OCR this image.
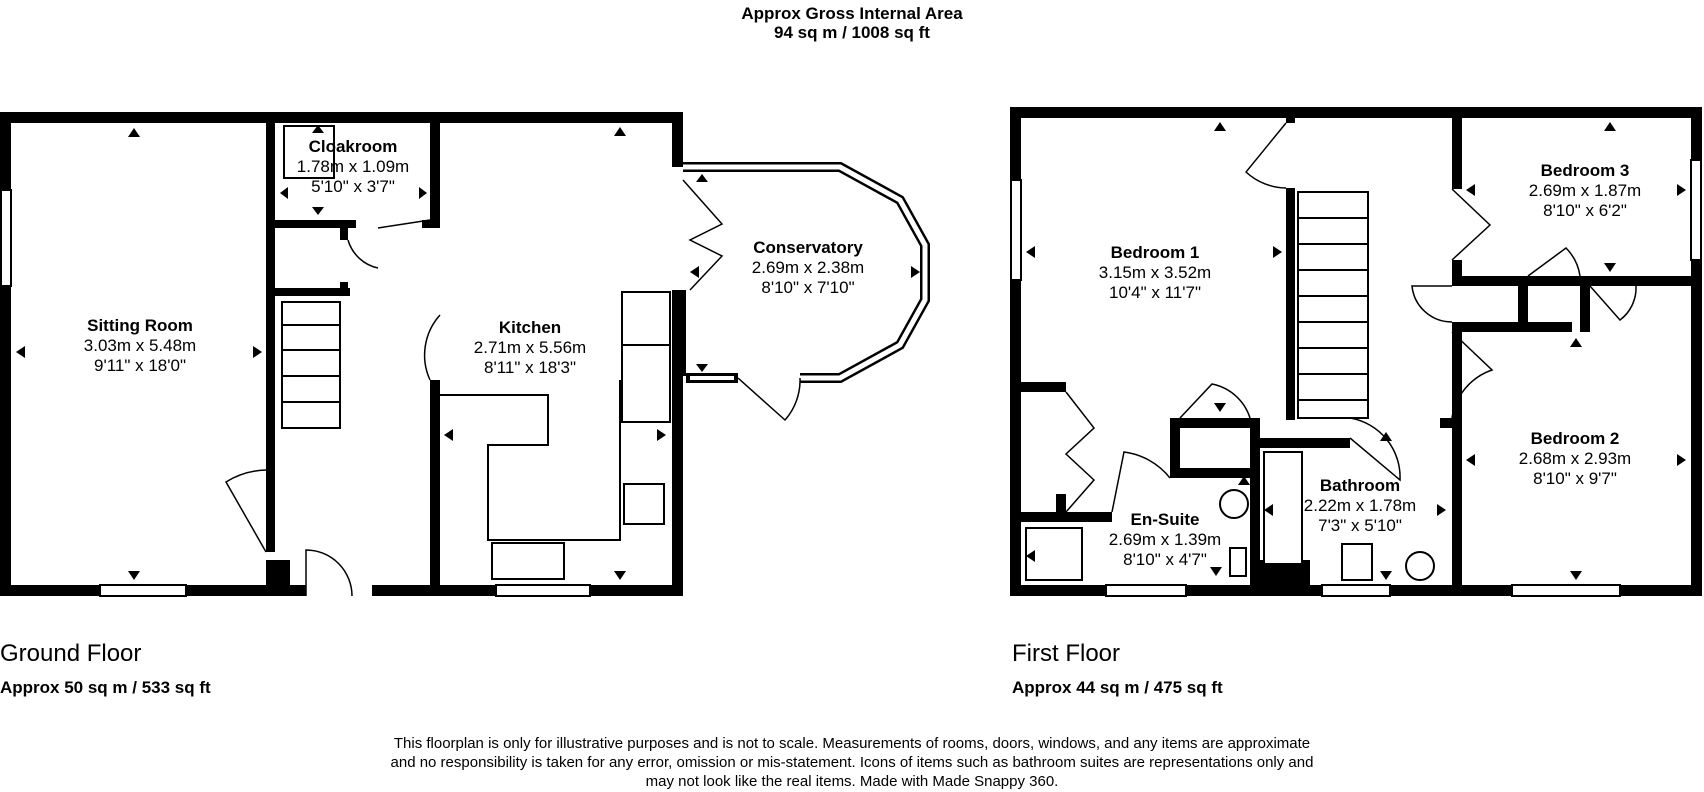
Approx Gross Internal Area
94 sq m / 1008 sq ft
Sitting Room
3.03m x 5.48m
9'11" x 18'0"
Cloakroom
1.78m x 1.09m
5'10" x 3'7"
Kitchen
2.71m x 5.56m
8'11" x 18'3"
Conservatory
2.69m x 2.38m
8'10" x 7'10"
Bedroom 1
3.15m x 3.52m
10'4" x 11'7"
Bedroom 3
2.69m x 1.87m
8'10" x 6'2"
Bedroom 2
2.68m x 2.93m
8'10" x 9'7"
Bathroom
2.22m x 1.78m
7'3" x 5'10"
En-Suite
2.69m x 1.39m
8'10" x 4'7"
Ground Floor
Approx 50 sq m / 533 sq ft
First Floor
Approx 44 sq m / 475 sq ft
This floorplan is only for illustrative purposes and is not to scale. Measurements of rooms, doors, windows, and any items are approximate
and no responsibility is taken for any error, omission or mis-statement. Icons of items such as bathroom suites are representations only and
may not look like the real items. Made with Made Snappy 360.
